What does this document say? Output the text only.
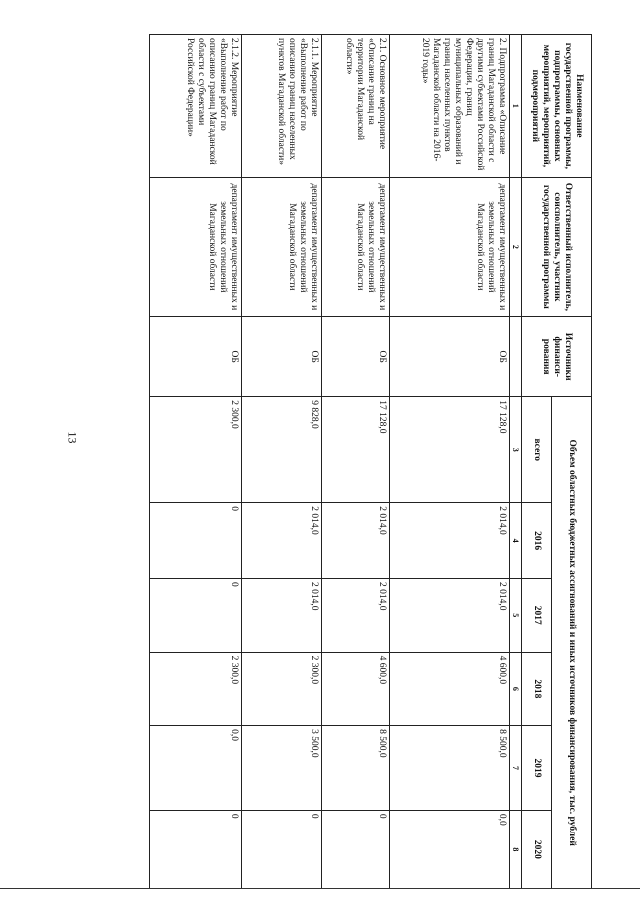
13
Наименование государственной программы, подпрограммы, основных мероприятий, мероприятий, подмероприятий	Ответственный исполнитель, соисполнитель, участник государственной программы	Источники финанси-рования	Объем областных бюджетных ассигнований и иных источников финансирования, тыс. рублей					
			всего	2016	2017	2018	2019	2020
1	2		3	4	5	6	7	8
2. Подпрограмма «Описание границ Магаданской области с другими субъектами Российской Федерации, границ муниципальных образований и границ населенных пунктов Магаданской области на 2016-2019 годы»	департамент имущественных и земельных отношений Магаданской области	ОБ	17 128,0	2 014,0	2 014,0	4 600,0	8 500,0	0,0
2.1. Основное мероприятие «Описание границ на территории Магаданской области»	департамент имущественных и земельных отношений Магаданской области	ОБ	17 128,0	2 014,0	2 014,0	4 600,0	8 500,0	0
2.1.1. Мероприятие «Выполнение работ по описанию границ населенных пунктов Магаданской области»	департамент имущественных и земельных отношений Магаданской области	ОБ	9 828,0	2 014,0	2 014,0	2 300,0	3 500,0	0
2.1.2. Мероприятие «Выполнение работ по описанию границ Магаданской области с субъектами Российской Федерации»	департамент имущественных и земельных отношений Магаданской области	ОБ	2 300,0	0	0	2 300,0	0,0	0
